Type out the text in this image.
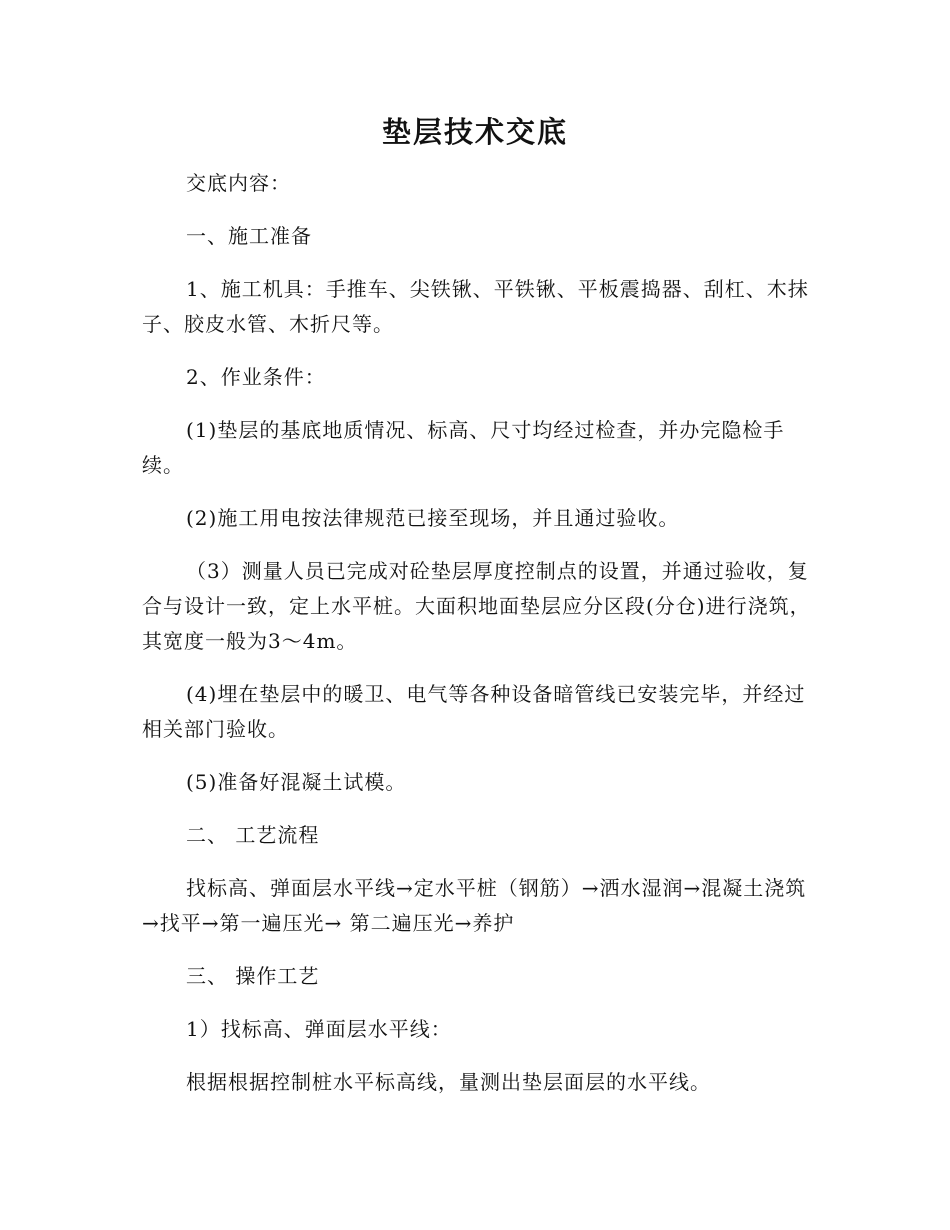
垫层技术交底

交底内容：

一、施工准备

1、施工机具：手推车、尖铁锹、平铁锹、平板震捣器、刮杠、木抹子、胶皮水管、木折尺等。

2、作业条件：

(1)垫层的基底地质情况、标高、尺寸均经过检查，并办完隐检手续。

(2)施工用电按法律规范已接至现场，并且通过验收。

（3）测量人员已完成对砼垫层厚度控制点的设置，并通过验收，复合与设计一致，定上水平桩。大面积地面垫层应分区段(分仓)进行浇筑，其宽度一般为3～4m。

(4)埋在垫层中的暖卫、电气等各种设备暗管线已安装完毕，并经过相关部门验收。

(5)准备好混凝土试模。

二、 工艺流程

找标高、弹面层水平线→定水平桩（钢筋）→洒水湿润→混凝土浇筑→找平→第一遍压光→ 第二遍压光→养护

三、 操作工艺

1）找标高、弹面层水平线：

根据根据控制桩水平标高线，量测出垫层面层的水平线。
